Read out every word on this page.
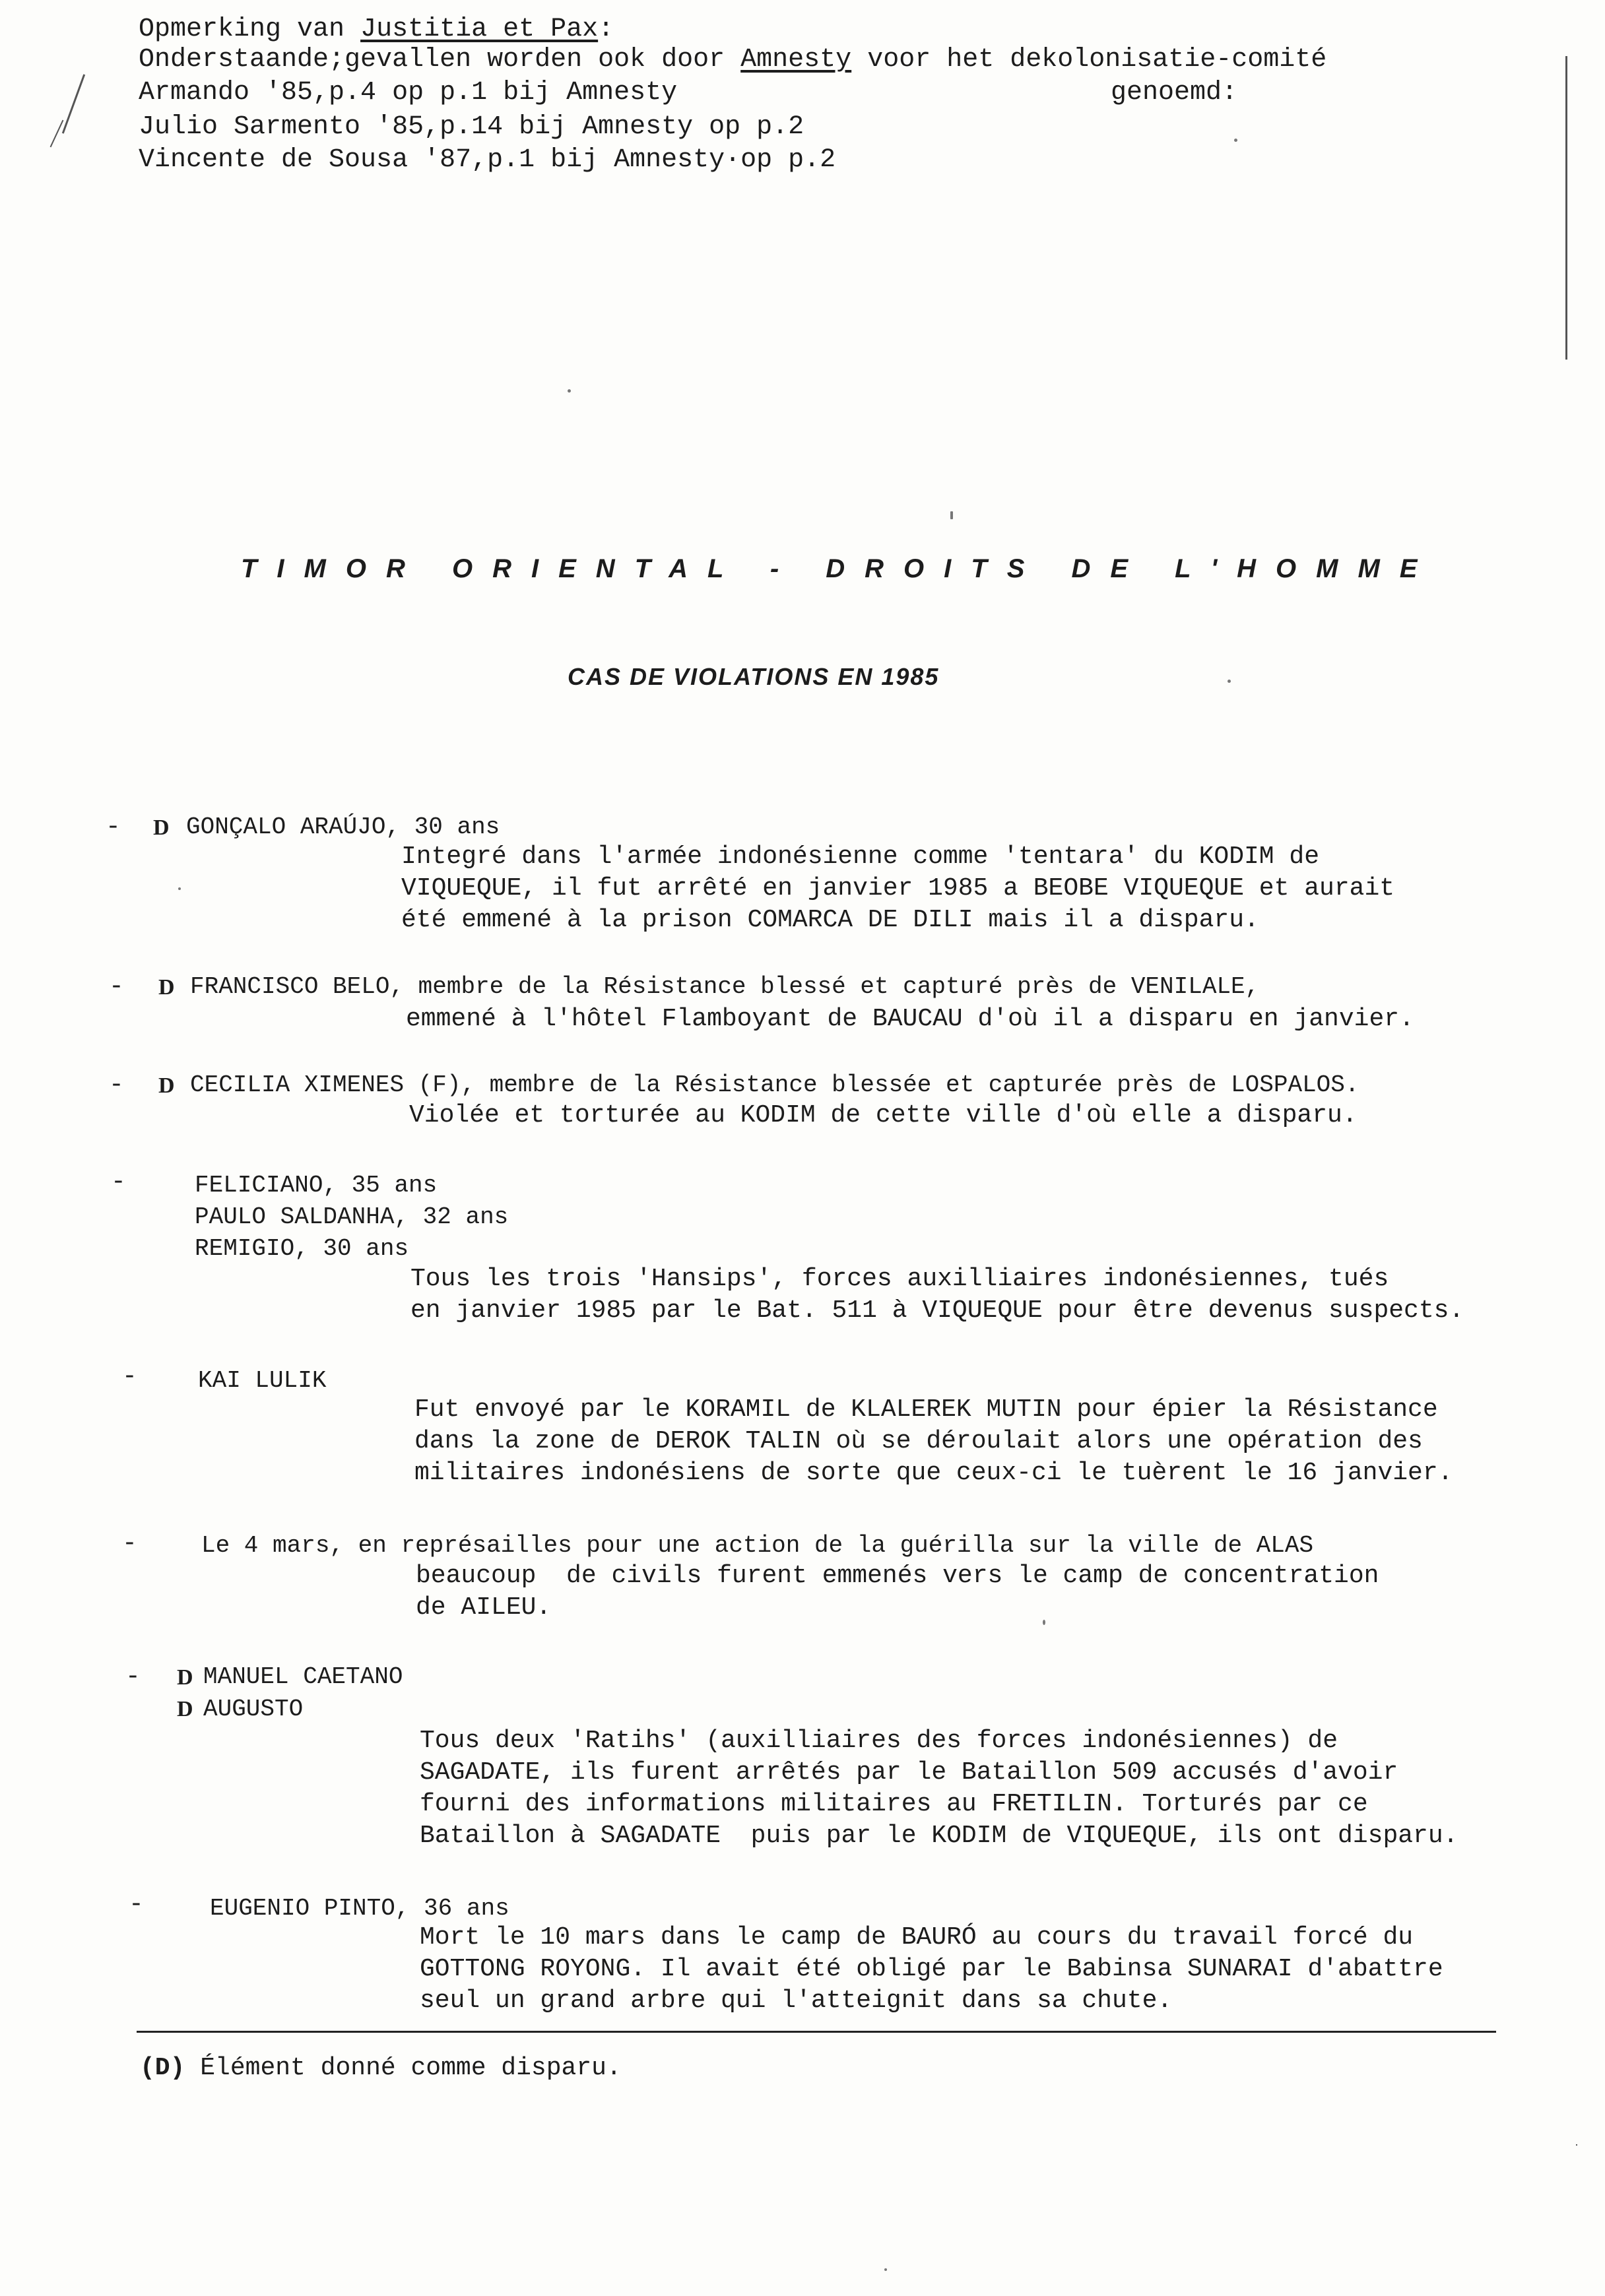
Opmerking van Justitia et Pax:
Onderstaande;gevallen worden ook door Amnesty voor het dekolonisatie-comité
Armando '85,p.4 op p.1 bij Amnesty	genoemd:
Julio Sarmento '85,p.14 bij Amnesty op p.2
Vincente de Sousa '87,p.1 bij Amnesty·op p.2
TIMOR ORIENTAL - DROITS DE L'HOMME
CAS DE VIOLATIONS EN 1985
- D GONÇALO ARAÚJO, 30 ans
Integré dans l'armée indonésienne comme 'tentara' du KODIM de
VIQUEQUE, il fut arrêté en janvier 1985 a BEOBE VIQUEQUE et aurait
été emmené à la prison COMARCA DE DILI mais il a disparu.
- D FRANCISCO BELO, membre de la Résistance blessé et capturé près de VENILALE,
emmené à l'hôtel Flamboyant de BAUCAU d'où il a disparu en janvier.
- D CECILIA XIMENES (F), membre de la Résistance blessée et capturée près de LOSPALOS.
Violée et torturée au KODIM de cette ville d'où elle a disparu.
-	FELICIANO, 35 ans
PAULO SALDANHA, 32 ans
REMIGIO, 30 ans
Tous les trois 'Hansips', forces auxilliaires indonésiennes, tués
en janvier 1985 par le Bat. 511 à VIQUEQUE pour être devenus suspects.
-	KAI LULIK
Fut envoyé par le KORAMIL de KLALEREK MUTIN pour épier la Résistance
dans la zone de DEROK TALIN où se déroulait alors une opération des
militaires indonésiens de sorte que ceux-ci le tuèrent le 16 janvier.
-	Le 4 mars, en représailles pour une action de la guérilla sur la ville de ALAS
beaucoup  de civils furent emmenés vers le camp de concentration
de AILEU.
- D MANUEL CAETANO
D AUGUSTO
Tous deux 'Ratihs' (auxilliaires des forces indonésiennes) de
SAGADATE, ils furent arrêtés par le Bataillon 509 accusés d'avoir
fourni des informations militaires au FRETILIN. Torturés par ce
Bataillon à SAGADATE  puis par le KODIM de VIQUEQUE, ils ont disparu.
-	EUGENIO PINTO, 36 ans
Mort le 10 mars dans le camp de BAURÓ au cours du travail forcé du
GOTTONG ROYONG. Il avait été obligé par le Babinsa SUNARAI d'abattre
seul un grand arbre qui l'atteignit dans sa chute.
(D) Élément donné comme disparu.
